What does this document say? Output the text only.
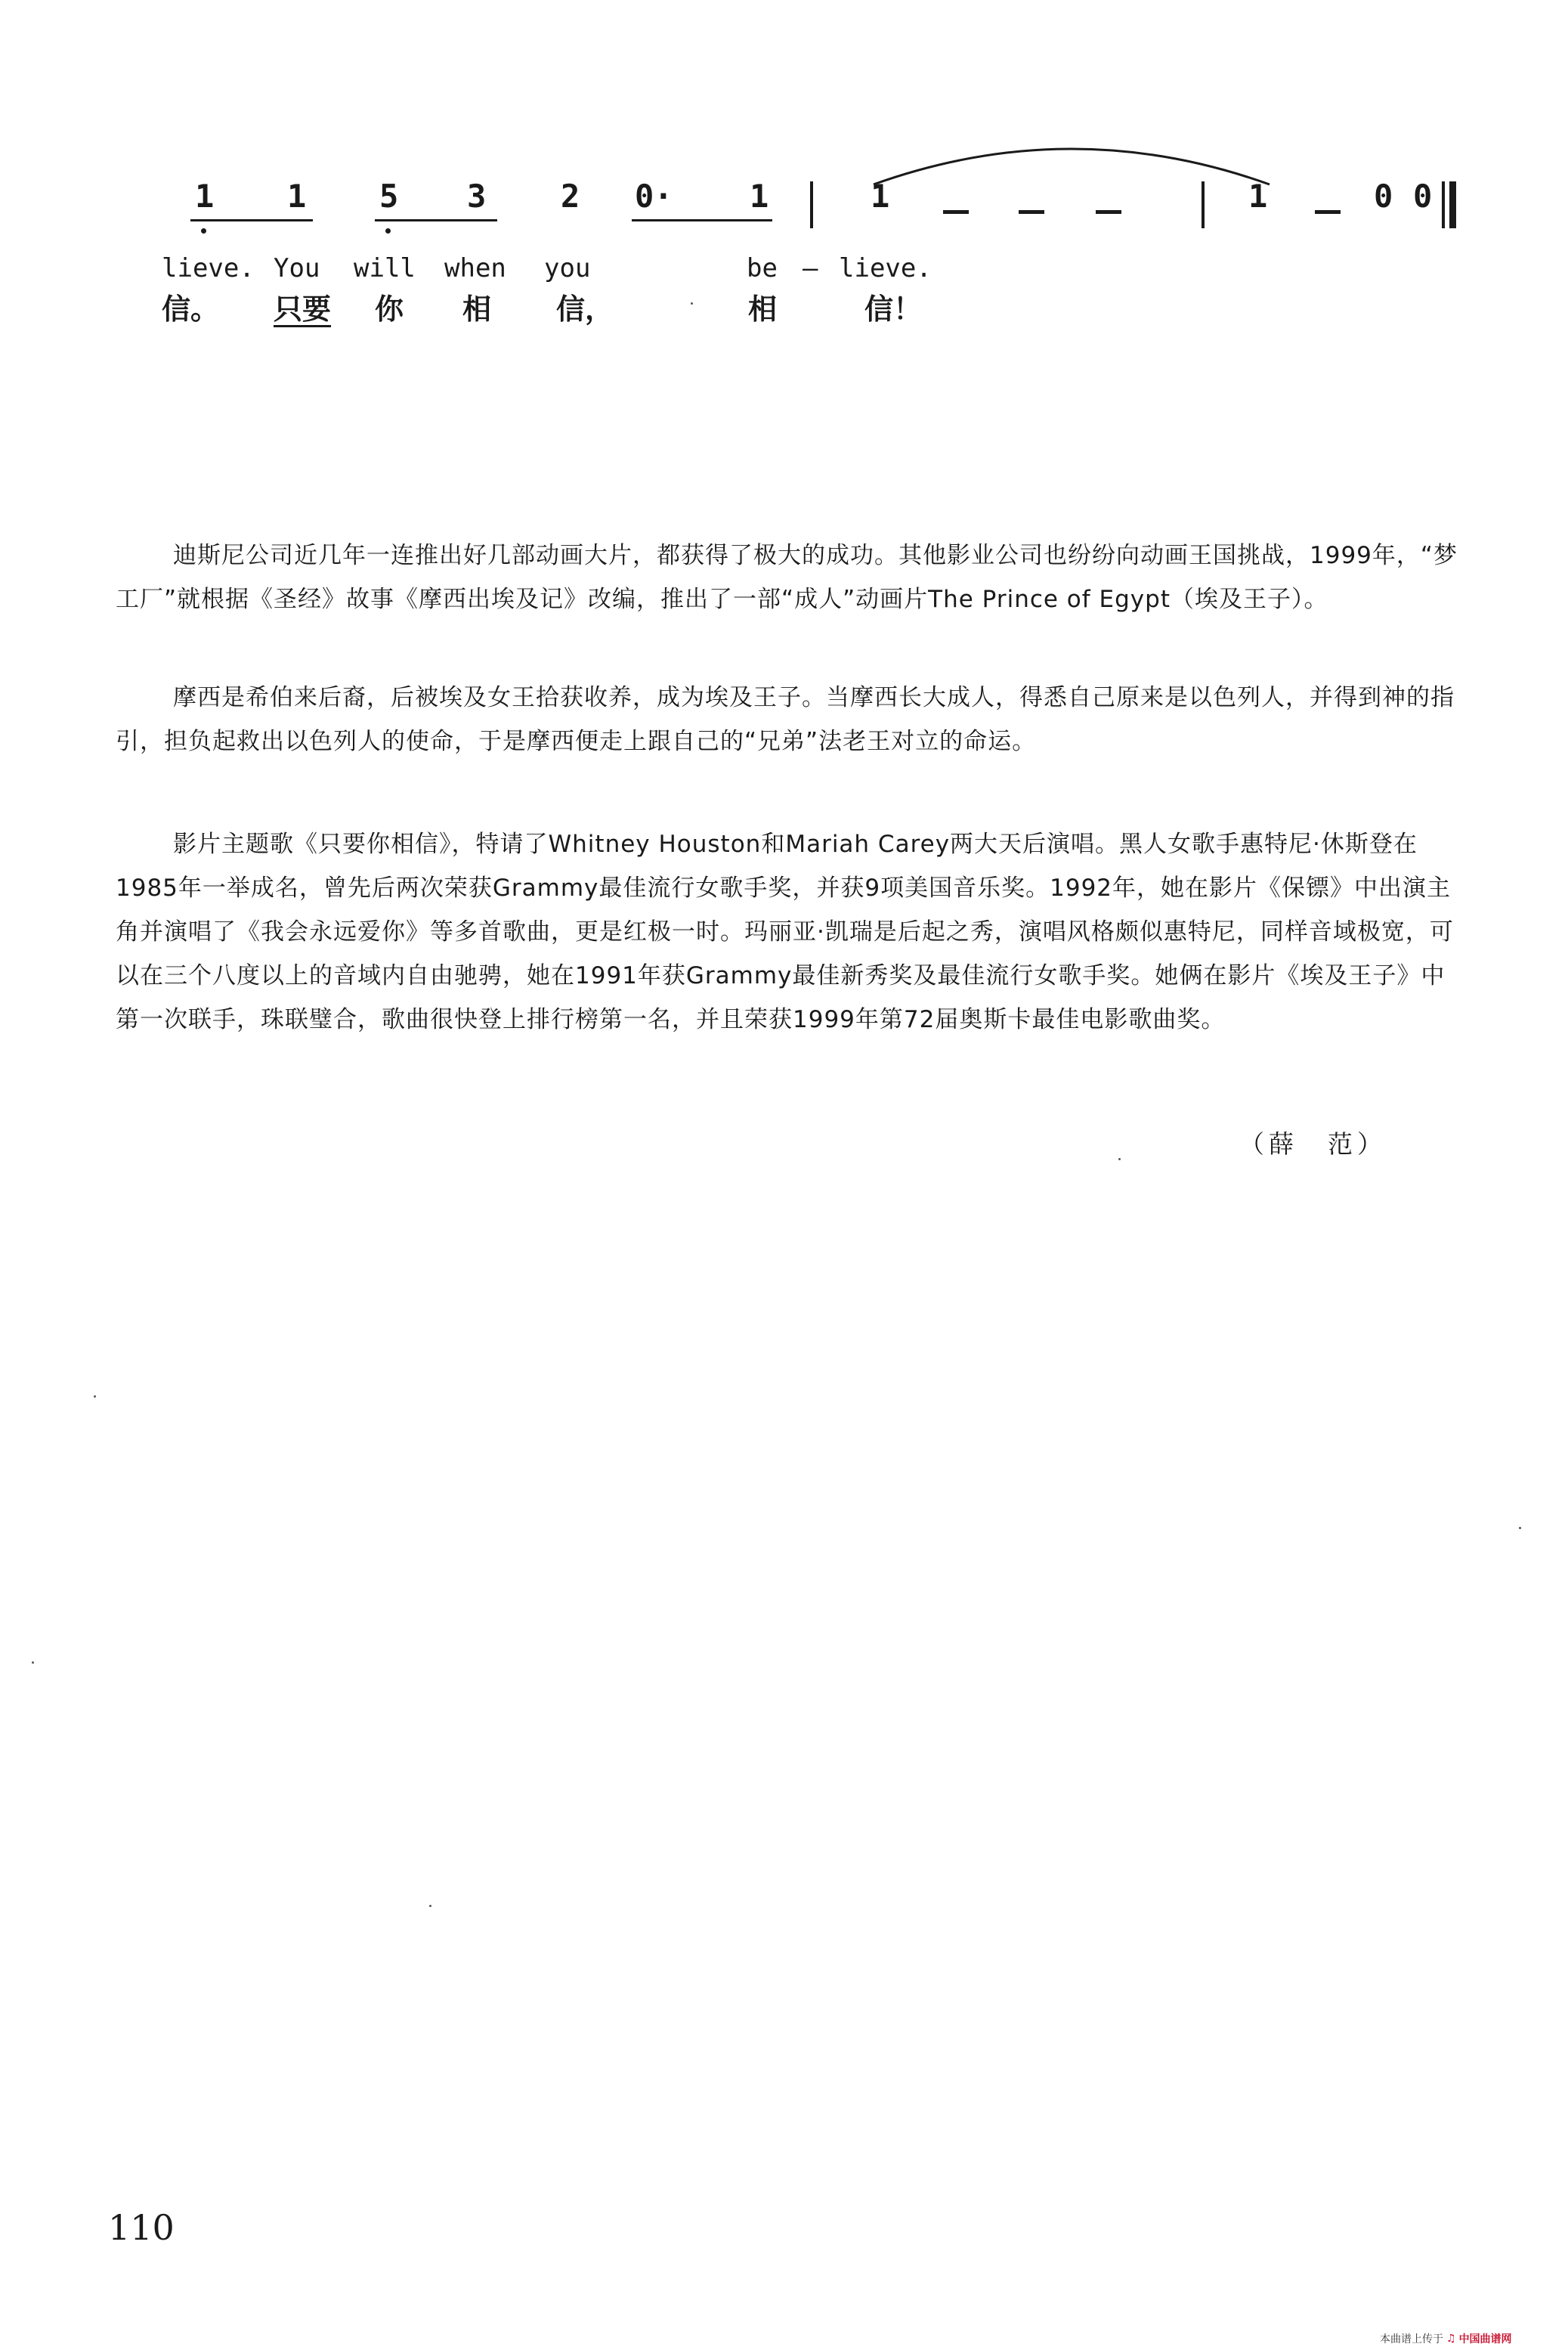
1 1 5 3 2 0· 1	1	1	0 0
lieve. You will when you	be – lieve.
信。 只要 你 相 信，	相	信！

迪斯尼公司近几年一连推出好几部动画大片，都获得了极大的成功。其他影业公司也纷纷向动画王国挑战，1999年，“梦工厂”就根据《圣经》故事《摩西出埃及记》改编，推出了一部“成人”动画片The Prince of Egypt（埃及王子）。

摩西是希伯来后裔，后被埃及女王拾获收养，成为埃及王子。当摩西长大成人，得悉自己原来是以色列人，并得到神的指引，担负起救出以色列人的使命，于是摩西便走上跟自己的“兄弟”法老王对立的命运。

影片主题歌《只要你相信》，特请了Whitney Houston和Mariah Carey两大天后演唱。黑人女歌手惠特尼·休斯登在1985年一举成名，曾先后两次荣获Grammy最佳流行女歌手奖，并获9项美国音乐奖。1992年，她在影片《保镖》中出演主角并演唱了《我会永远爱你》等多首歌曲，更是红极一时。玛丽亚·凯瑞是后起之秀，演唱风格颇似惠特尼，同样音域极宽，可以在三个八度以上的音域内自由驰骋，她在1991年获Grammy最佳新秀奖及最佳流行女歌手奖。她俩在影片《埃及王子》中第一次联手，珠联璧合，歌曲很快登上排行榜第一名，并且荣获1999年第72届奥斯卡最佳电影歌曲奖。

（薛　范）
110
本曲谱上传于 ♫ 中国曲谱网
